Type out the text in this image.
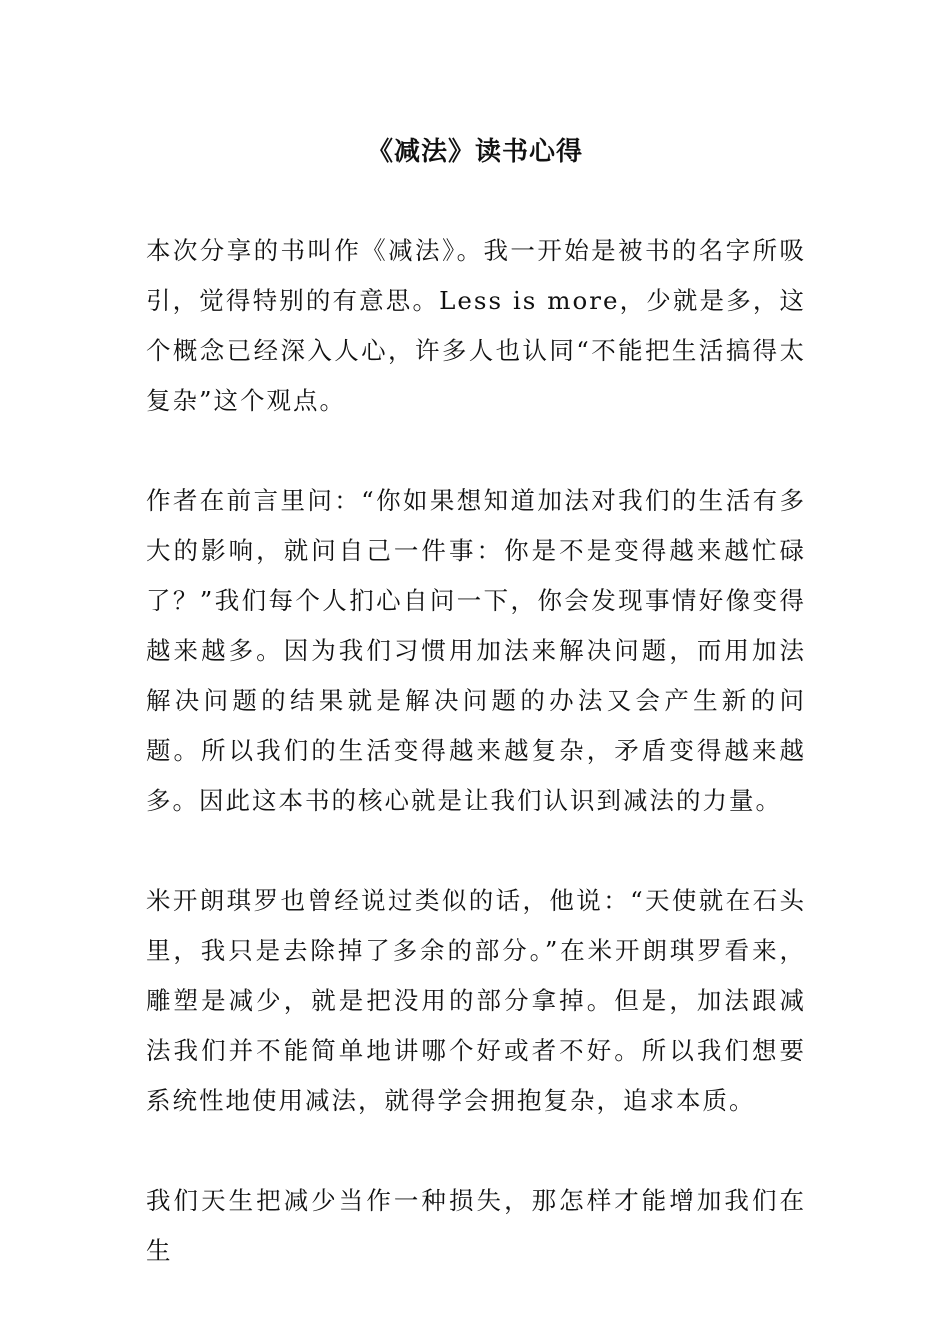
《减法》读书心得

本次分享的书叫作《减法》。我一开始是被书的名字所吸引，觉得特别的有意思。Less is more，少就是多，这个概念已经深入人心，许多人也认同“不能把生活搞得太复杂”这个观点。

作者在前言里问：“你如果想知道加法对我们的生活有多大的影响，就问自己一件事：你是不是变得越来越忙碌了？”我们每个人扪心自问一下，你会发现事情好像变得越来越多。因为我们习惯用加法来解决问题，而用加法解决问题的结果就是解决问题的办法又会产生新的问题。所以我们的生活变得越来越复杂，矛盾变得越来越多。因此这本书的核心就是让我们认识到减法的力量。

米开朗琪罗也曾经说过类似的话，他说：“天使就在石头里，我只是去除掉了多余的部分。”在米开朗琪罗看来，雕塑是减少，就是把没用的部分拿掉。但是，加法跟减法我们并不能简单地讲哪个好或者不好。所以我们想要系统性地使用减法，就得学会拥抱复杂，追求本质。

我们天生把减少当作一种损失，那怎样才能增加我们在生
